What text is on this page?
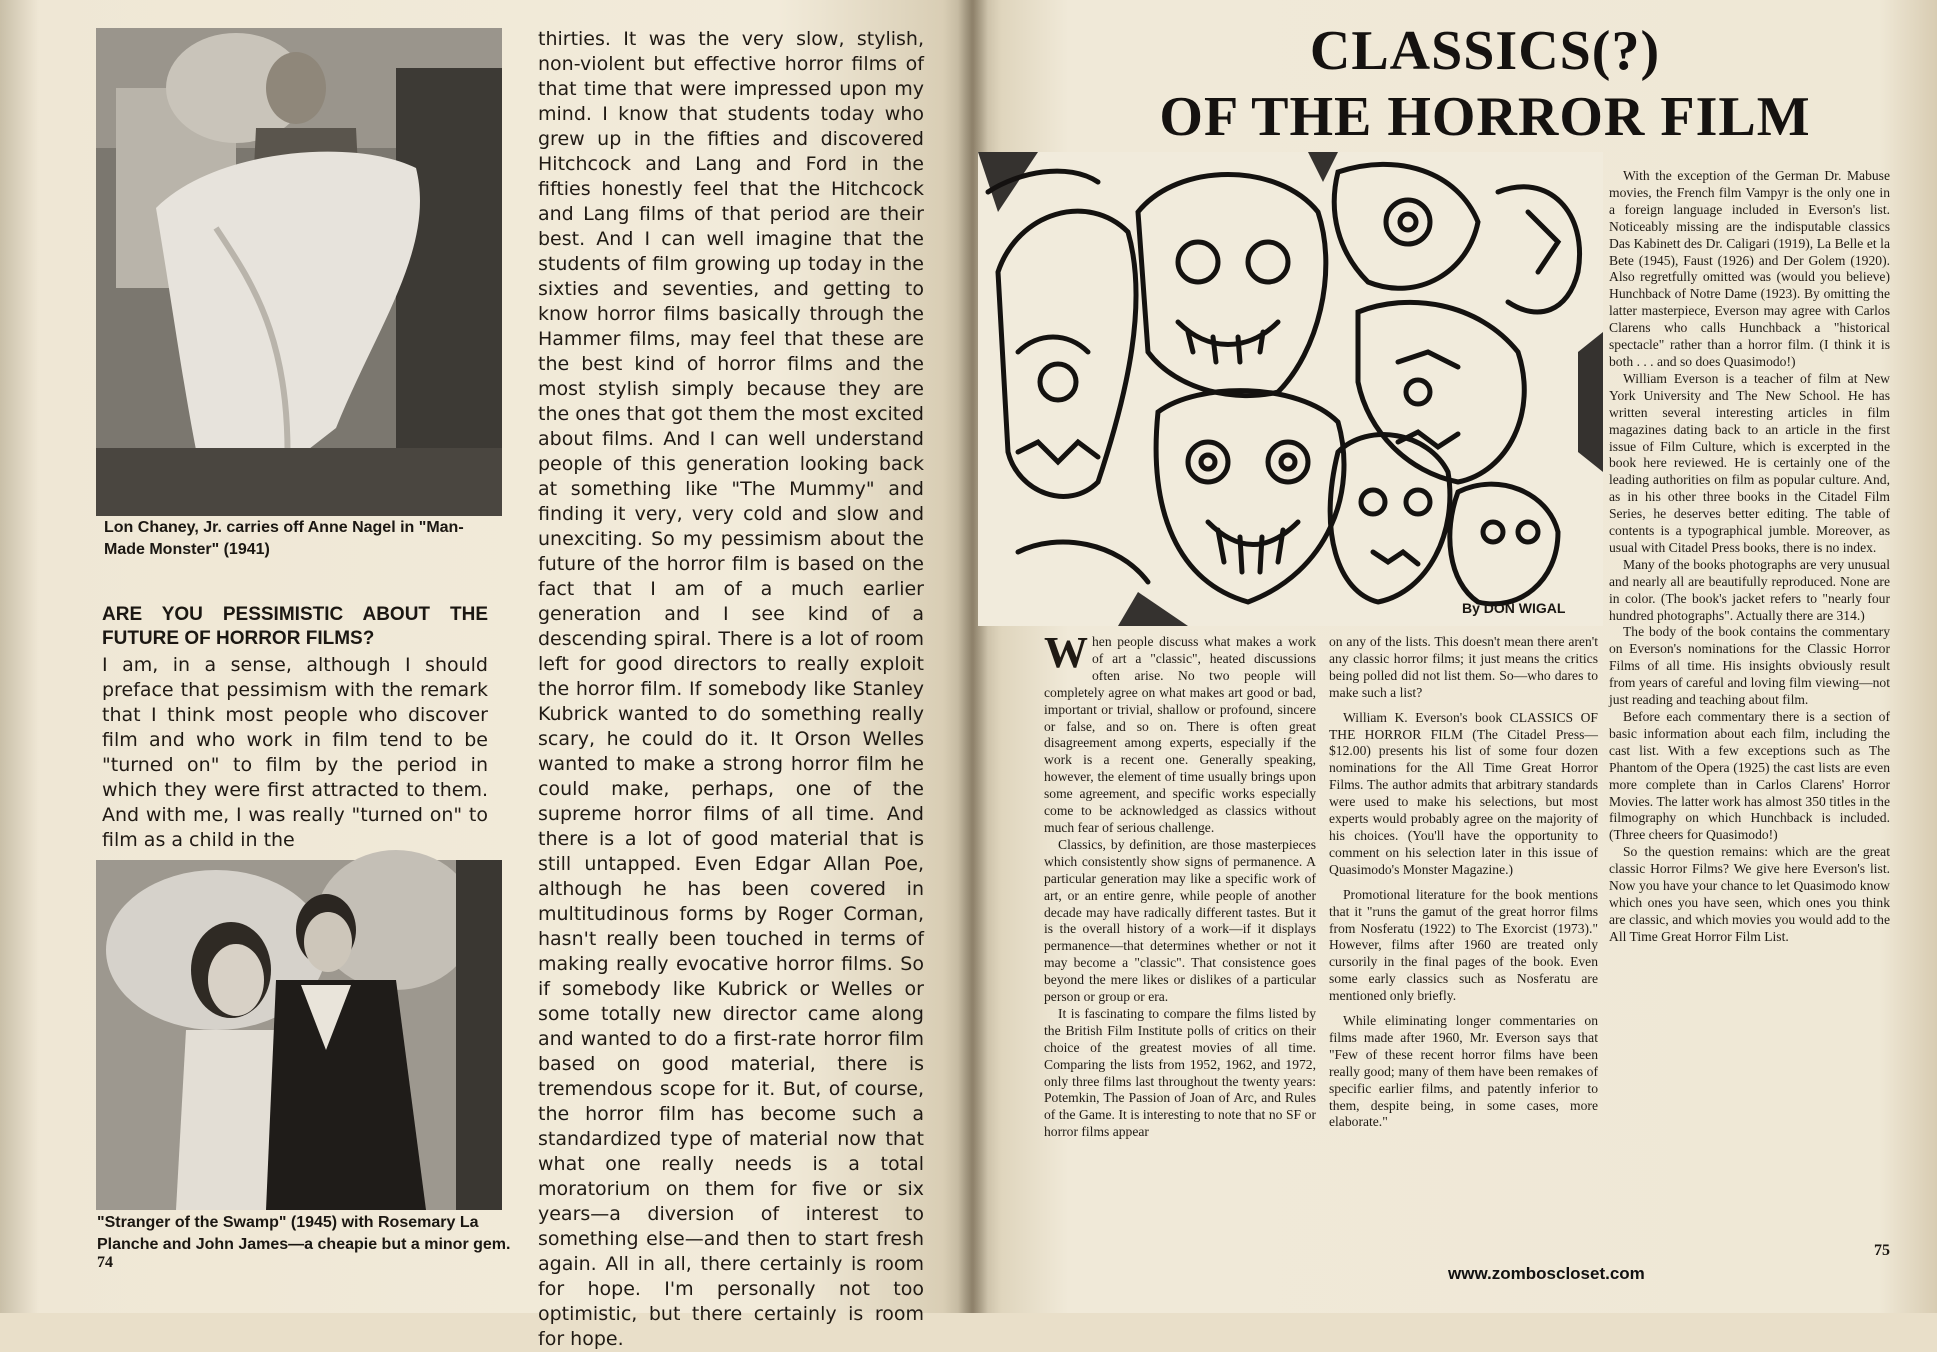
Lon Chaney, Jr. carries off Anne Nagel in "Man-Made Monster" (1941)
ARE YOU PESSIMISTIC ABOUT THE FUTURE OF HORROR FILMS?
I am, in a sense, although I should preface that pessimism with the remark that I think most people who discover film and who work in film tend to be "turned on" to film by the period in which they were first attracted to them. And with me, I was really "turned on" to film as a child in the
"Stranger of the Swamp" (1945) with Rosemary La Planche and John James—a cheapie but a minor gem.
thirties. It was the very slow, stylish, non-violent but effective horror films of that time that were impressed upon my mind. I know that students today who grew up in the fifties and discovered Hitchcock and Lang and Ford in the fifties honestly feel that the Hitchcock and Lang films of that period are their best. And I can well imagine that the students of film growing up today in the sixties and seventies, and getting to know horror films basically through the Hammer films, may feel that these are the best kind of horror films and the most stylish simply because they are the ones that got them the most excited about films. And I can well understand people of this generation looking back at something like "The Mummy" and finding it very, very cold and slow and unexciting. So my pessimism about the future of the horror film is based on the fact that I am of a much earlier generation and I see kind of a descending spiral. There is a lot of room left for good directors to really exploit the horror film. If somebody like Stanley Kubrick wanted to do something really scary, he could do it. It Orson Welles wanted to make a strong horror film he could make, perhaps, one of the supreme horror films of all time. And there is a lot of good material that is still untapped. Even Edgar Allan Poe, although he has been covered in multitudinous forms by Roger Corman, hasn't really been touched in terms of making really evocative horror films. So if somebody like Kubrick or Welles or some totally new director came along and wanted to do a first-rate horror film based on good material, there is tremendous scope for it. But, of course, the horror film has become such a standardized type of material now that what one really needs is a total moratorium on them for five or six years—a diversion of interest to something else—and then to start fresh again. All in all, there certainly is room for hope. I'm personally not too optimistic, but there certainly is room for hope.
74
CLASSICS(?)
OF THE HORROR FILM
By DON WIGAL

When people discuss what makes a work of art a "classic", heated discussions often arise. No two people will completely agree on what makes art good or bad, important or trivial, shallow or profound, sincere or false, and so on. There is often great disagreement among experts, especially if the work is a recent one. Generally speaking, however, the element of time usually brings upon some agreement, and specific works especially come to be acknowledged as classics without much fear of serious challenge.

Classics, by definition, are those masterpieces which consistently show signs of permanence. A particular generation may like a specific work of art, or an entire genre, while people of another decade may have radically different tastes. But it is the overall history of a work—if it displays permanence—that determines whether or not it may become a "classic". That consistence goes beyond the mere likes or dislikes of a particular person or group or era.

It is fascinating to compare the films listed by the British Film Institute polls of critics on their choice of the greatest movies of all time. Comparing the lists from 1952, 1962, and 1972, only three films last throughout the twenty years: Potemkin, The Passion of Joan of Arc, and Rules of the Game. It is interesting to note that no SF or horror films appear

on any of the lists. This doesn't mean there aren't any classic horror films; it just means the critics being polled did not list them. So—who dares to make such a list?

William K. Everson's book CLASSICS OF THE HORROR FILM (The Citadel Press—$12.00) presents his list of some four dozen nominations for the All Time Great Horror Films. The author admits that arbitrary standards were used to make his selections, but most experts would probably agree on the majority of his choices. (You'll have the opportunity to comment on his selection later in this issue of Quasimodo's Monster Magazine.)

Promotional literature for the book mentions that it "runs the gamut of the great horror films from Nosferatu (1922) to The Exorcist (1973)." However, films after 1960 are treated only cursorily in the final pages of the book. Even some early classics such as Nosferatu are mentioned only briefly.

While eliminating longer commentaries on films made after 1960, Mr. Everson says that "Few of these recent horror films have been really good; many of them have been remakes of specific earlier films, and patently inferior to them, despite being, in some cases, more elaborate."

With the exception of the German Dr. Mabuse movies, the French film Vampyr is the only one in a foreign language included in Everson's list. Noticeably missing are the indisputable classics Das Kabinett des Dr. Caligari (1919), La Belle et la Bete (1945), Faust (1926) and Der Golem (1920). Also regretfully omitted was (would you believe) Hunchback of Notre Dame (1923). By omitting the latter masterpiece, Everson may agree with Carlos Clarens who calls Hunchback a "historical spectacle" rather than a horror film. (I think it is both . . . and so does Quasimodo!)

William Everson is a teacher of film at New York University and The New School. He has written several interesting articles in film magazines dating back to an article in the first issue of Film Culture, which is excerpted in the book here reviewed. He is certainly one of the leading authorities on film as popular culture. And, as in his other three books in the Citadel Film Series, he deserves better editing. The table of contents is a typographical jumble. Moreover, as usual with Citadel Press books, there is no index.

Many of the books photographs are very unusual and nearly all are beautifully reproduced. None are in color. (The book's jacket refers to "nearly four hundred photographs". Actually there are 314.)

The body of the book contains the commentary on Everson's nominations for the Classic Horror Films of all time. His insights obviously result from years of careful and loving film viewing—not just reading and teaching about film.

Before each commentary there is a section of basic information about each film, including the cast list. With a few exceptions such as The Phantom of the Opera (1925) the cast lists are even more complete than in Carlos Clarens' Horror Movies. The latter work has almost 350 titles in the filmography on which Hunchback is included. (Three cheers for Quasimodo!)

So the question remains: which are the great classic Horror Films? We give here Everson's list. Now you have your chance to let Quasimodo know which ones you have seen, which ones you think are classic, and which movies you would add to the All Time Great Horror Film List.

75
www.zomboscloset.com
